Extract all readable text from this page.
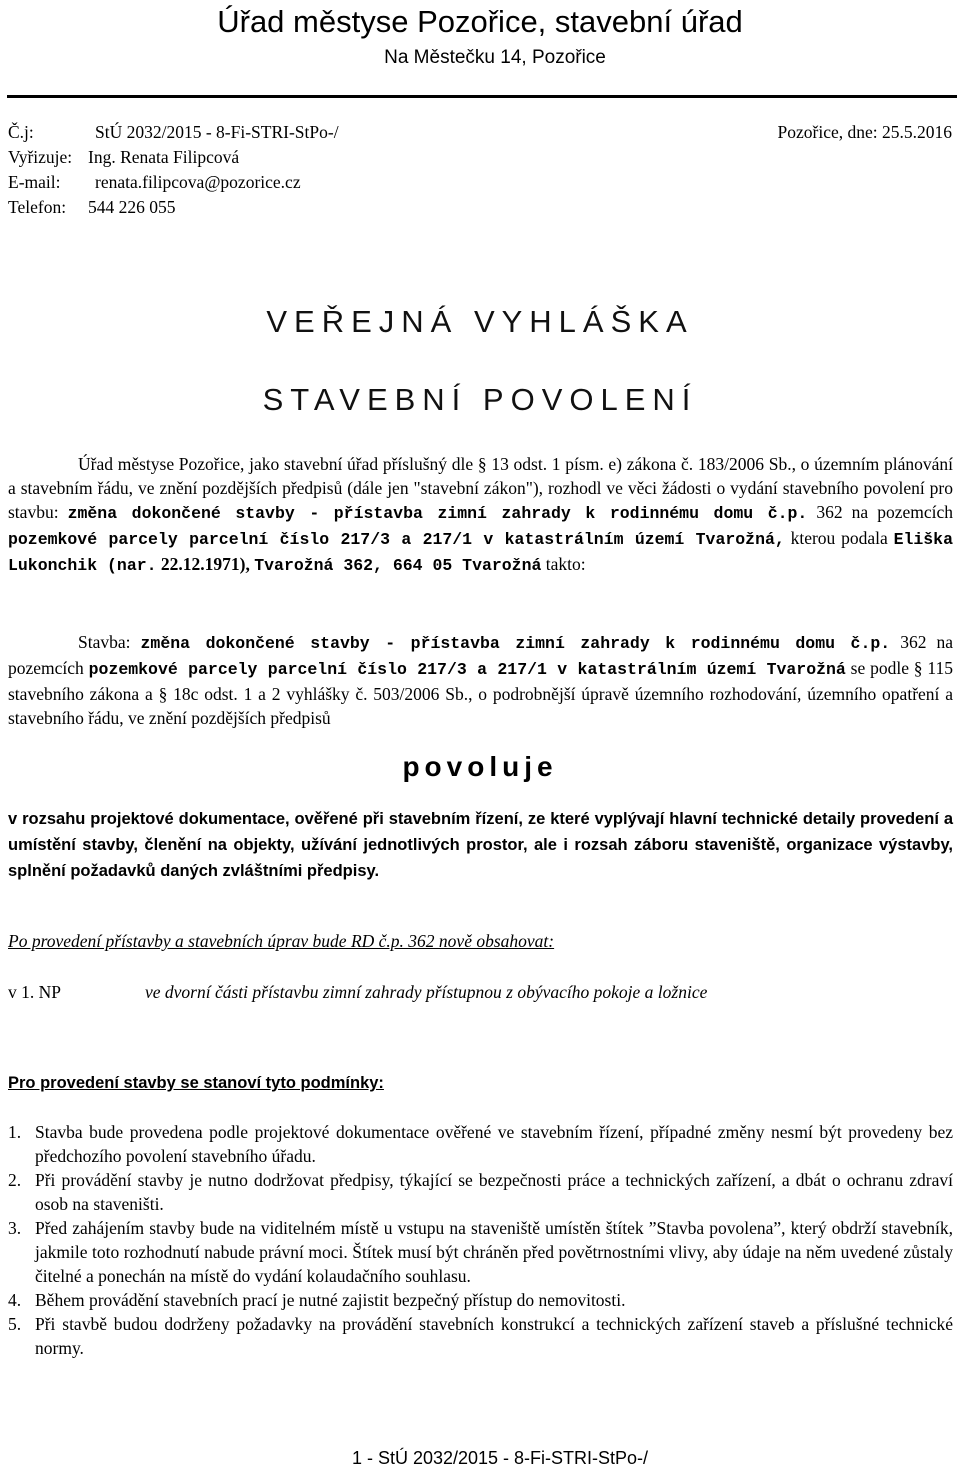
Úřad městyse Pozořice, stavební úřad
Na Městečku 14, Pozořice
Č.j:	StÚ 2032/2015 - 8-Fi-STRI-StPo-/	Pozořice, dne: 25.5.2016
Vyřizuje: Ing. Renata Filipcová
E-mail: renata.filipcova@pozorice.cz
Telefon: 544 226 055
VEŘEJNÁ VYHLÁŠKA
STAVEBNÍ POVOLENÍ
Úřad městyse Pozořice, jako stavební úřad příslušný dle § 13 odst. 1 písm. e) zákona č. 183/2006 Sb., o územním plánování a stavebním řádu, ve znění pozdějších předpisů (dále jen "stavební zákon"), rozhodl ve věci žádosti o vydání stavebního povolení pro stavbu: změna dokončené stavby - přístavba zimní zahrady k rodinnému domu č.p. 362 na pozemcích pozemkové parcely parcelní číslo 217/3 a 217/1 v katastrálním území Tvarožná, kterou podala Eliška Lukonchik (nar. 22.12.1971), Tvarožná 362, 664 05 Tvarožná takto:
Stavba: změna dokončené stavby - přístavba zimní zahrady k rodinnému domu č.p. 362 na pozemcích pozemkové parcely parcelní číslo 217/3 a 217/1 v katastrálním území Tvarožná se podle § 115 stavebního zákona a § 18c odst. 1 a 2 vyhlášky č. 503/2006 Sb., o podrobnější úpravě územního rozhodování, územního opatření a stavebního řádu, ve znění pozdějších předpisů
povoluje
v rozsahu projektové dokumentace, ověřené při stavebním řízení, ze které vyplývají hlavní technické detaily provedení a umístění stavby, členění na objekty, užívání jednotlivých prostor, ale i rozsah záboru staveniště, organizace výstavby, splnění požadavků daných zvláštními předpisy.
Po provedení přístavby a stavebních úprav bude RD č.p. 362 nově obsahovat:
v 1. NP	ve dvorní části přístavbu zimní zahrady přístupnou z obývacího pokoje a ložnice
Pro provedení stavby se stanoví tyto podmínky:
1. Stavba bude provedena podle projektové dokumentace ověřené ve stavebním řízení, případné změny nesmí být provedeny bez předchozího povolení stavebního úřadu.
2. Při provádění stavby je nutno dodržovat předpisy, týkající se bezpečnosti práce a technických zařízení, a dbát o ochranu zdraví osob na staveništi.
3. Před zahájením stavby bude na viditelném místě u vstupu na staveniště umístěn štítek ”Stavba povolena”, který obdrží stavebník, jakmile toto rozhodnutí nabude právní moci. Štítek musí být chráněn před povětrnostními vlivy, aby údaje na něm uvedené zůstaly čitelné a ponechán na místě do vydání kolaudačního souhlasu.
4. Během provádění stavebních prací je nutné zajistit bezpečný přístup do nemovitosti.
5. Při stavbě budou dodrženy požadavky na provádění stavebních konstrukcí a technických zařízení staveb a příslušné technické normy.
1 - StÚ 2032/2015 - 8-Fi-STRI-StPo-/
